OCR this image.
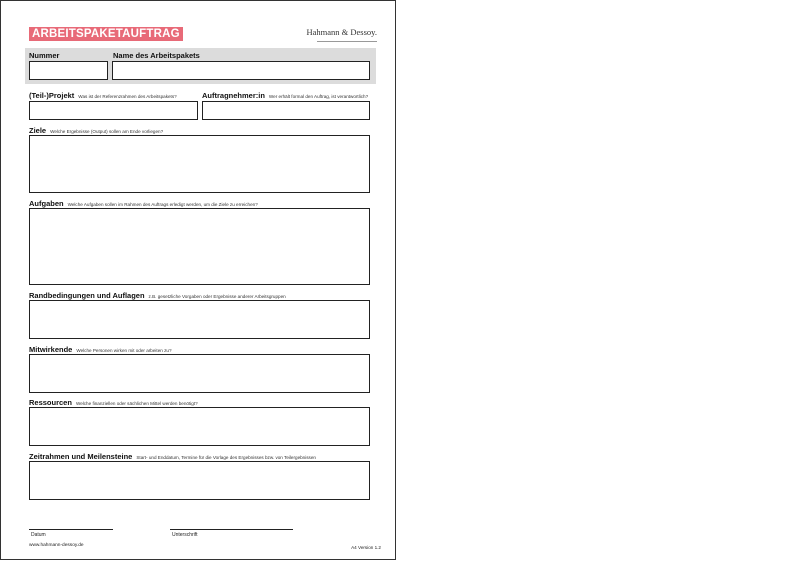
ARBEITSPAKETAUFTRAG	Hahmann & Dessoy.
Nummer	Name des Arbeitspakets
(Teil-)Projekt Was ist der Referenzrahmen des Arbeitspakets?	Auftragnehmer:in Wer erhält formal den Auftrag, ist verantwortlich?
Ziele Welche Ergebnisse (Output) sollen am Ende vorliegen?
Aufgaben Welche Aufgaben sollen im Rahmen des Auftrags erledigt werden, um die Ziele zu erreichen?
Randbedingungen und Auflagen z.B. gesetzliche Vorgaben oder Ergebnisse anderer Arbeitsgruppen
Mitwirkende Welche Personen wirken mit oder arbeiten zu?
Ressourcen Welche finanziellen oder sächlichen Mittel werden benötigt?
Zeitrahmen und Meilensteine Start- und Enddatum, Termine für die Vorlage des Ergebnisses bzw. von Teilergebnissen
Datum	Unterschrift
www.hahmann-dessoy.de	A4 Version 1.2
